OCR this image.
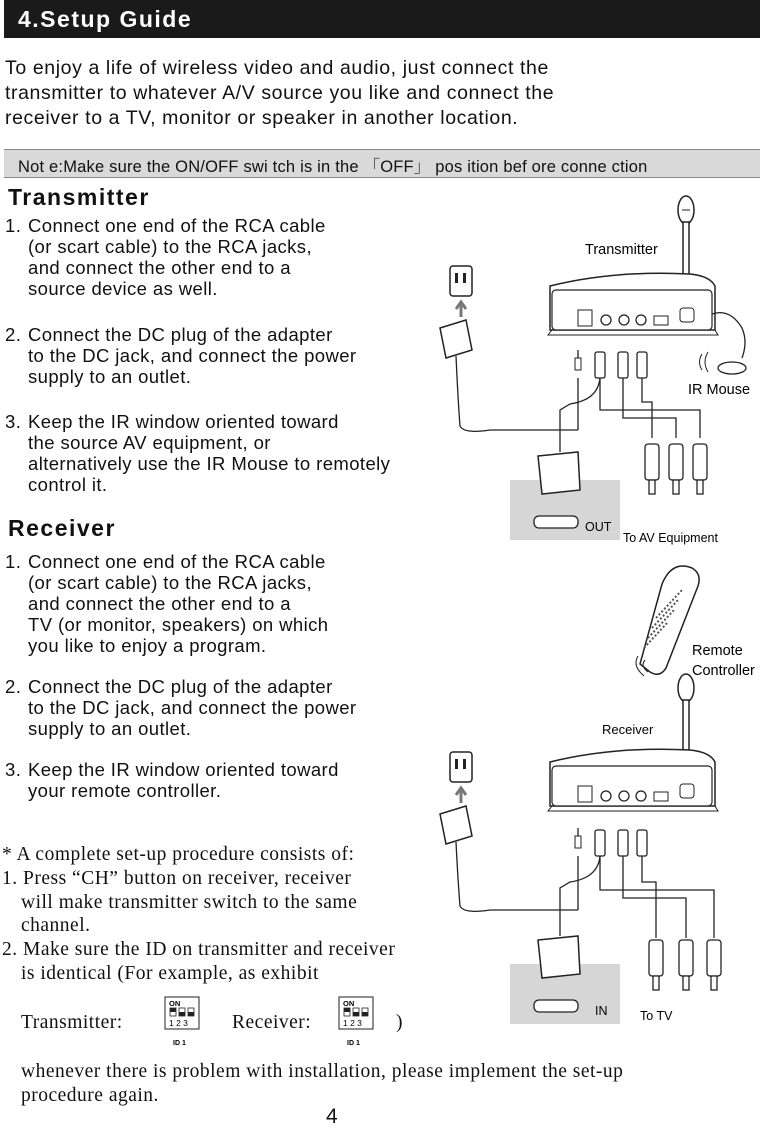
4.Setup Guide
To enjoy a life of wireless video and audio, just connect the
transmitter to whatever A/V source you like and connect the
receiver to a TV, monitor or speaker in another location.
Not e:Make sure the ON/OFF swi tch is in the 「OFF」 pos ition bef ore conne ction
Transmitter
1. Connect one end of the RCA cable
(or scart cable) to the RCA jacks,
and connect the other end to a
source device as well.
2. Connect the DC plug of the adapter
to the DC jack, and connect the power
supply to an outlet.
3. Keep the IR window oriented toward
the source AV equipment, or
alternatively use the IR Mouse to remotely
control it.
Receiver
1. Connect one end of the RCA cable
(or scart cable) to the RCA jacks,
and connect the other end to a
TV (or monitor, speakers) on which
you like to enjoy a program.
2. Connect the DC plug of the adapter
to the DC jack, and connect the power
supply to an outlet.
3. Keep the IR window oriented toward
your remote controller.
* A complete set-up procedure consists of:
1. Press “CH” button on receiver, receiver
will make transmitter switch to the same
channel.
2. Make sure the ID on transmitter and receiver
is identical (For example, as exhibit
Transmitter:	Receiver:	)
ON
1 2 3
ID 1
ON
1 2 3
ID 1
whenever there is problem with installation, please implement the set-up
procedure again.
4
Transmitter
IR Mouse
OUT
To AV Equipment
Remote
Controller
Receiver
IN	To TV
